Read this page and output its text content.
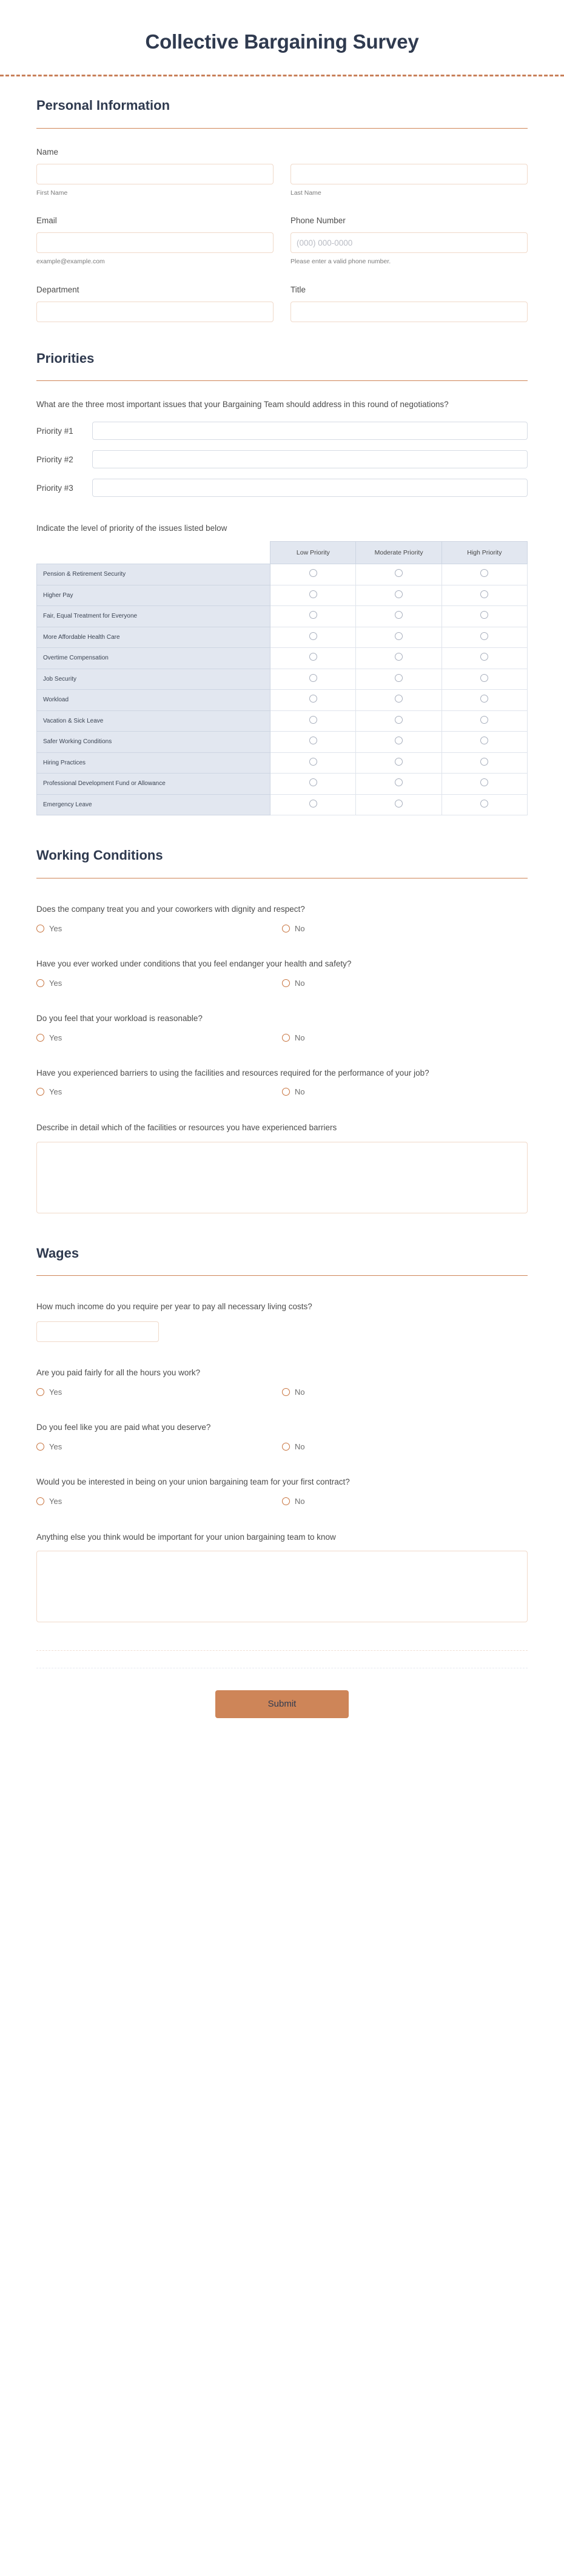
Collective Bargaining Survey
Personal Information
Name
First Name
	Last Name
Email
example@example.com
Phone Number
(000) 000-0000
Please enter a valid phone number.
Department	Title
Priorities
What are the three most important issues that your Bargaining Team should address in this round of negotiations?
Priority #1
Priority #2
Priority #3
Indicate the level of priority of the issues listed below
	Low Priority	Moderate Priority	High Priority
Pension & Retirement Security			
Higher Pay			
Fair, Equal Treatment for Everyone			
More Affordable Health Care			
Overtime Compensation			
Job Security			
Workload			
Vacation & Sick Leave			
Safer Working Conditions			
Hiring Practices			
Professional Development Fund or Allowance			
Emergency Leave			
Working Conditions
Does the company treat you and your coworkers with dignity and respect?
Yes	No
Have you ever worked under conditions that you feel endanger your health and safety?
Yes	No
Do you feel that your workload is reasonable?
Yes	No
Have you experienced barriers to using the facilities and resources required for the performance of your job?
Yes	No
Describe in detail which of the facilities or resources you have experienced barriers
Wages
How much income do you require per year to pay all necessary living costs?
Are you paid fairly for all the hours you work?
Yes	No
Do you feel like you are paid what you deserve?
Yes	No
Would you be interested in being on your union bargaining team for your first contract?
Yes	No
Anything else you think would be important for your union bargaining team to know
Submit
